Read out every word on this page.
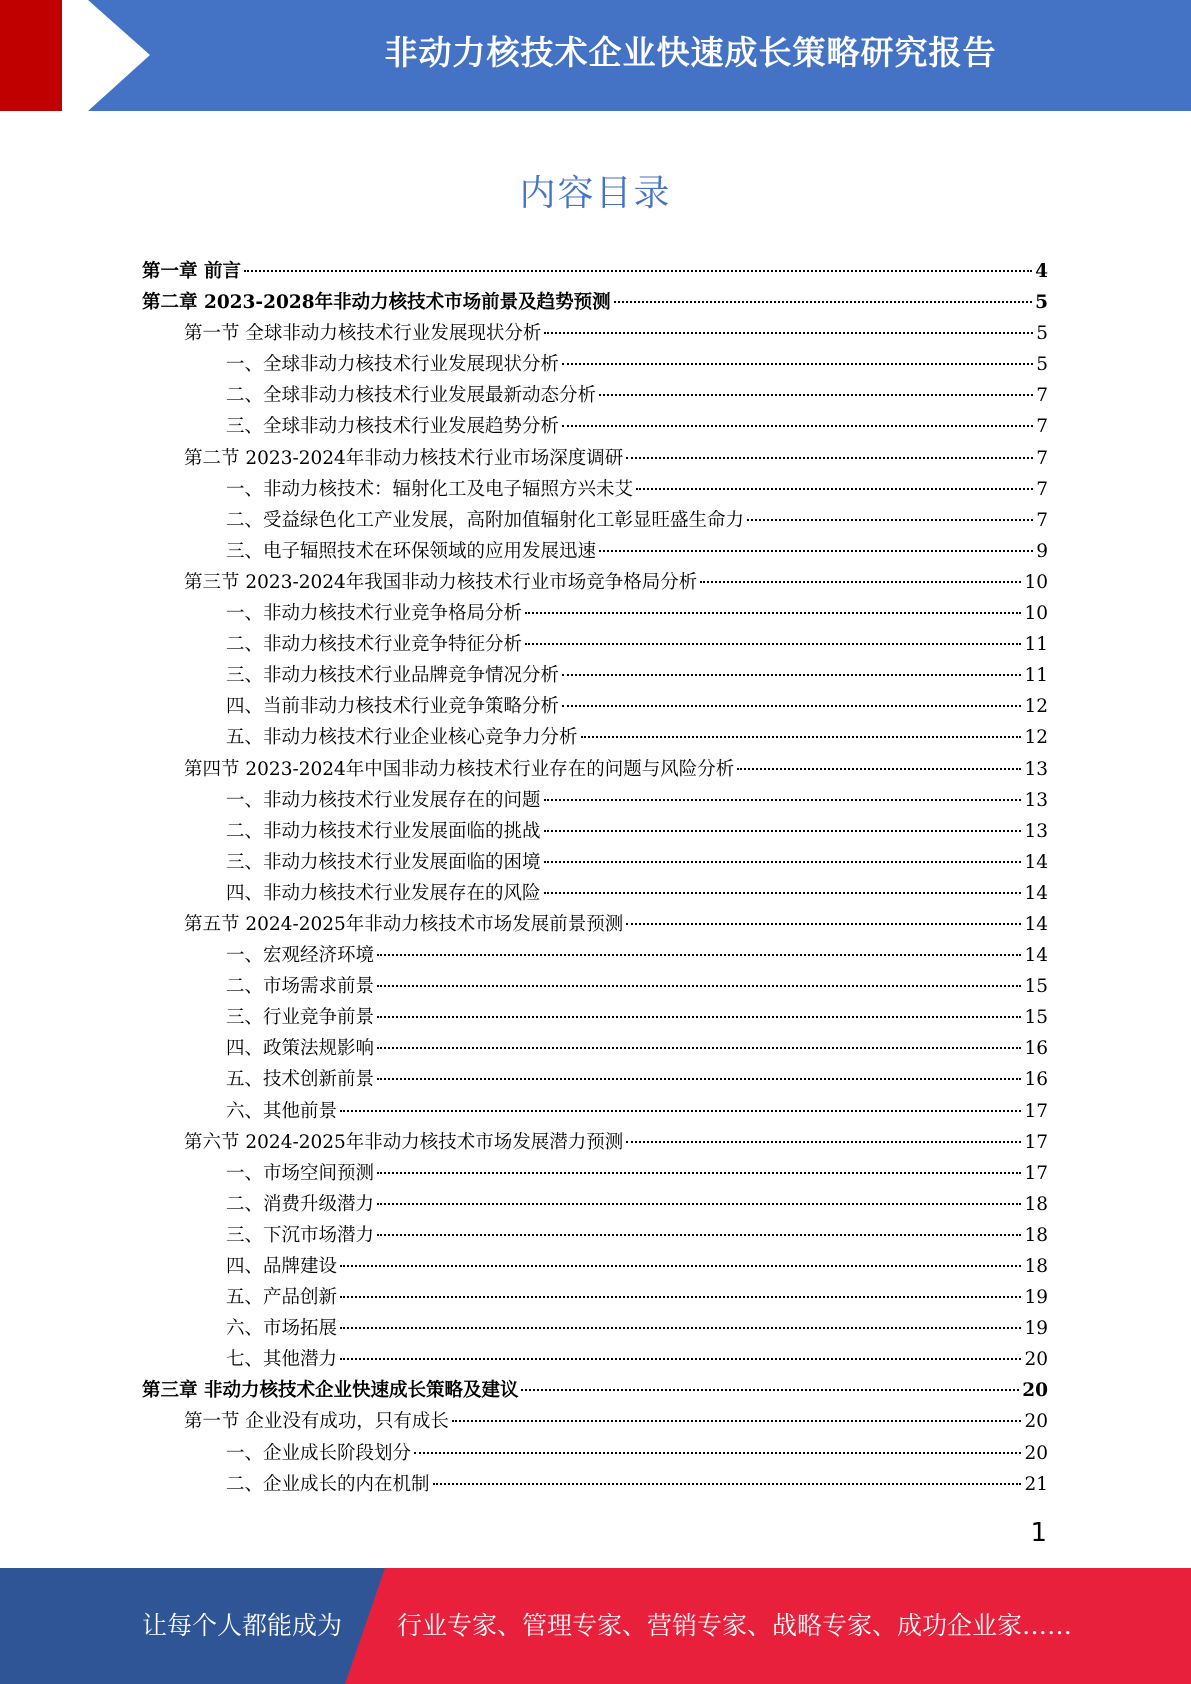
非动力核技术企业快速成长策略研究报告
内容目录
第一章 前言	4
第二章 2023-2028年非动力核技术市场前景及趋势预测	5
第一节 全球非动力核技术行业发展现状分析	5
一、全球非动力核技术行业发展现状分析	5
二、全球非动力核技术行业发展最新动态分析	7
三、全球非动力核技术行业发展趋势分析	7
第二节 2023-2024年非动力核技术行业市场深度调研	7
一、非动力核技术：辐射化工及电子辐照方兴未艾	7
二、受益绿色化工产业发展，高附加值辐射化工彰显旺盛生命力	7
三、电子辐照技术在环保领域的应用发展迅速	9
第三节 2023-2024年我国非动力核技术行业市场竞争格局分析	10
一、非动力核技术行业竞争格局分析	10
二、非动力核技术行业竞争特征分析	11
三、非动力核技术行业品牌竞争情况分析	11
四、当前非动力核技术行业竞争策略分析	12
五、非动力核技术行业企业核心竞争力分析	12
第四节 2023-2024年中国非动力核技术行业存在的问题与风险分析	13
一、非动力核技术行业发展存在的问题	13
二、非动力核技术行业发展面临的挑战	13
三、非动力核技术行业发展面临的困境	14
四、非动力核技术行业发展存在的风险	14
第五节 2024-2025年非动力核技术市场发展前景预测	14
一、宏观经济环境	14
二、市场需求前景	15
三、行业竞争前景	15
四、政策法规影响	16
五、技术创新前景	16
六、其他前景	17
第六节 2024-2025年非动力核技术市场发展潜力预测	17
一、市场空间预测	17
二、消费升级潜力	18
三、下沉市场潜力	18
四、品牌建设	18
五、产品创新	19
六、市场拓展	19
七、其他潜力	20
第三章 非动力核技术企业快速成长策略及建议	20
第一节 企业没有成功，只有成长	20
一、企业成长阶段划分	20
二、企业成长的内在机制	21
1
让每个人都能成为 行业专家、管理专家、营销专家、战略专家、成功企业家……
